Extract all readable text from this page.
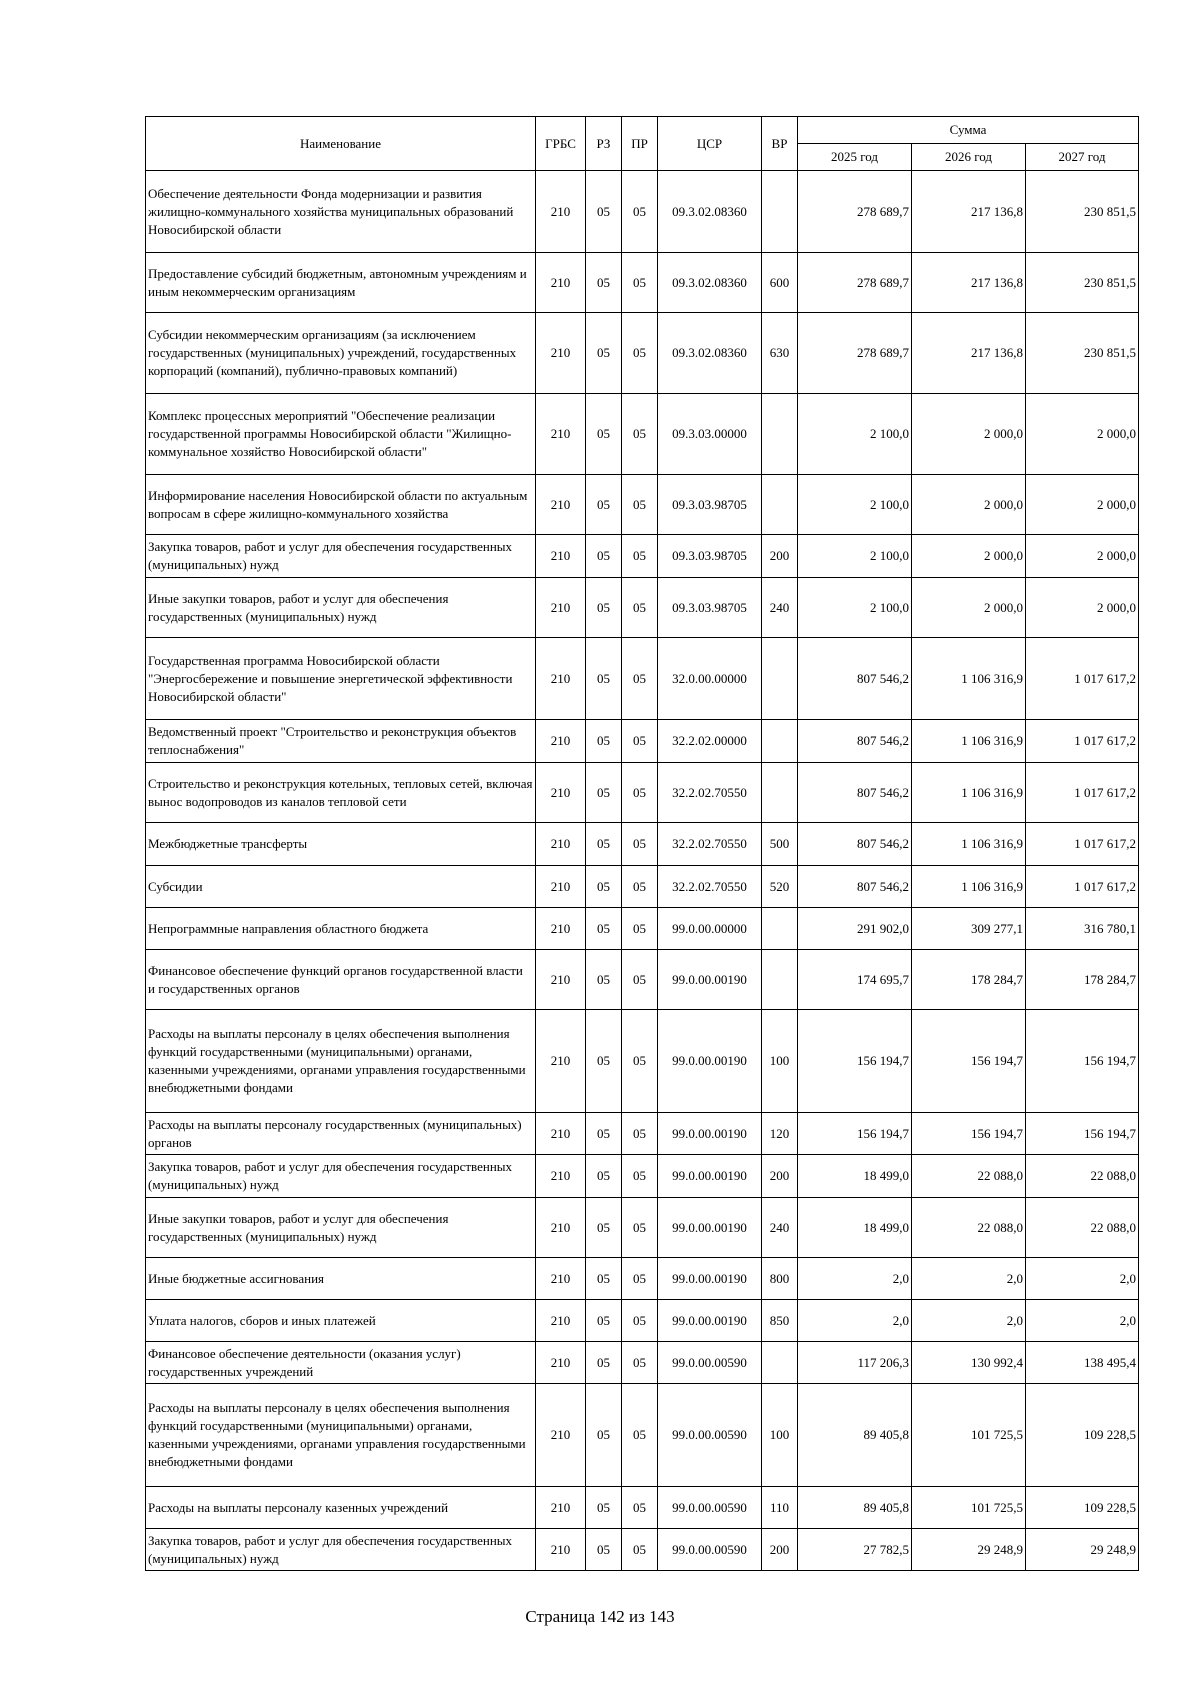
Наименование	ГРБС	РЗ	ПР	ЦСР	ВР	Сумма		
						2025 год	2026 год	2027 год
Обеспечение деятельности Фонда модернизации и развития жилищно-коммунального хозяйства муниципальных образований Новосибирской области	210	05	05	09.3.02.08360		278 689,7	217 136,8	230 851,5
Предоставление субсидий бюджетным, автономным учреждениям и иным некоммерческим организациям	210	05	05	09.3.02.08360	600	278 689,7	217 136,8	230 851,5
Субсидии некоммерческим организациям (за исключением государственных (муниципальных) учреждений, государственных корпораций (компаний), публично-правовых компаний)	210	05	05	09.3.02.08360	630	278 689,7	217 136,8	230 851,5
Комплекс процессных мероприятий "Обеспечение реализации государственной программы Новосибирской области "Жилищно-коммунальное хозяйство Новосибирской области"	210	05	05	09.3.03.00000		2 100,0	2 000,0	2 000,0
Информирование населения Новосибирской области по актуальным вопросам в сфере жилищно-коммунального хозяйства	210	05	05	09.3.03.98705		2 100,0	2 000,0	2 000,0
Закупка товаров, работ и услуг для обеспечения государственных (муниципальных) нужд	210	05	05	09.3.03.98705	200	2 100,0	2 000,0	2 000,0
Иные закупки товаров, работ и услуг для обеспечения государственных (муниципальных) нужд	210	05	05	09.3.03.98705	240	2 100,0	2 000,0	2 000,0
Государственная программа Новосибирской области "Энергосбережение и повышение энергетической эффективности Новосибирской области"	210	05	05	32.0.00.00000		807 546,2	1 106 316,9	1 017 617,2
Ведомственный проект "Строительство и реконструкция объектов теплоснабжения"	210	05	05	32.2.02.00000		807 546,2	1 106 316,9	1 017 617,2
Строительство и реконструкция котельных, тепловых сетей, включая вынос водопроводов из каналов тепловой сети	210	05	05	32.2.02.70550		807 546,2	1 106 316,9	1 017 617,2
Межбюджетные трансферты	210	05	05	32.2.02.70550	500	807 546,2	1 106 316,9	1 017 617,2
Субсидии	210	05	05	32.2.02.70550	520	807 546,2	1 106 316,9	1 017 617,2
Непрограммные направления областного бюджета	210	05	05	99.0.00.00000		291 902,0	309 277,1	316 780,1
Финансовое обеспечение функций органов государственной власти и государственных органов	210	05	05	99.0.00.00190		174 695,7	178 284,7	178 284,7
Расходы на выплаты персоналу в целях обеспечения выполнения функций государственными (муниципальными) органами, казенными учреждениями, органами управления государственными внебюджетными фондами	210	05	05	99.0.00.00190	100	156 194,7	156 194,7	156 194,7
Расходы на выплаты персоналу государственных (муниципальных) органов	210	05	05	99.0.00.00190	120	156 194,7	156 194,7	156 194,7
Закупка товаров, работ и услуг для обеспечения государственных (муниципальных) нужд	210	05	05	99.0.00.00190	200	18 499,0	22 088,0	22 088,0
Иные закупки товаров, работ и услуг для обеспечения государственных (муниципальных) нужд	210	05	05	99.0.00.00190	240	18 499,0	22 088,0	22 088,0
Иные бюджетные ассигнования	210	05	05	99.0.00.00190	800	2,0	2,0	2,0
Уплата налогов, сборов и иных платежей	210	05	05	99.0.00.00190	850	2,0	2,0	2,0
Финансовое обеспечение деятельности (оказания услуг) государственных учреждений	210	05	05	99.0.00.00590		117 206,3	130 992,4	138 495,4
Расходы на выплаты персоналу в целях обеспечения выполнения функций государственными (муниципальными) органами, казенными учреждениями, органами управления государственными внебюджетными фондами	210	05	05	99.0.00.00590	100	89 405,8	101 725,5	109 228,5
Расходы на выплаты персоналу казенных учреждений	210	05	05	99.0.00.00590	110	89 405,8	101 725,5	109 228,5
Закупка товаров, работ и услуг для обеспечения государственных (муниципальных) нужд	210	05	05	99.0.00.00590	200	27 782,5	29 248,9	29 248,9
Страница 142 из 143
